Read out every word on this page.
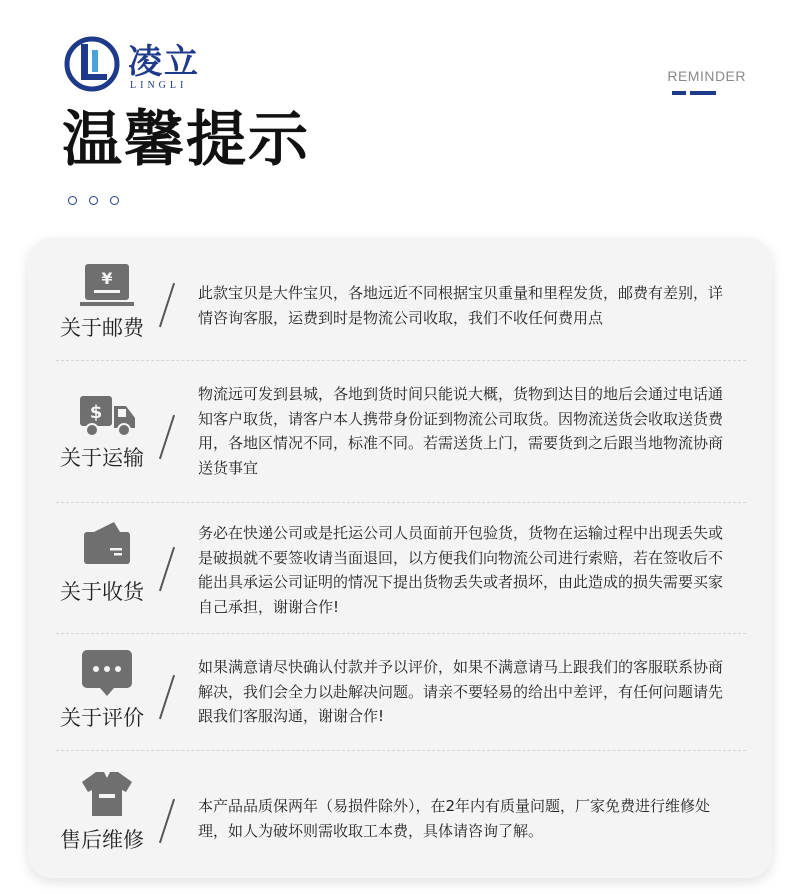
凌立
LINGLI
REMINDER
温馨提示
¥
关于邮费
此款宝贝是大件宝贝，各地远近不同根据宝贝重量和里程发货，邮费有差别，详情咨询客服，运费到时是物流公司收取，我们不收任何费用点
$
关于运输
物流远可发到县城，各地到货时间只能说大概，货物到达目的地后会通过电话通知客户取货，请客户本人携带身份证到物流公司取货。因物流送货会收取送货费用，各地区情况不同，标准不同。若需送货上门，需要货到之后跟当地物流协商送货事宜
关于收货
务必在快递公司或是托运公司人员面前开包验货，货物在运输过程中出现丢失或是破损就不要签收请当面退回，以方便我们向物流公司进行索赔，若在签收后不能出具承运公司证明的情况下提出货物丢失或者损坏，由此造成的损失需要买家自己承担，谢谢合作!
关于评价
如果满意请尽快确认付款并予以评价，如果不满意请马上跟我们的客服联系协商解决，我们会全力以赴解决问题。请亲不要轻易的给出中差评，有任何问题请先跟我们客服沟通，谢谢合作!
售后维修
本产品品质保两年（易损件除外），在2年内有质量问题，厂家免费进行维修处理，如人为破坏则需收取工本费，具体请咨询了解。
